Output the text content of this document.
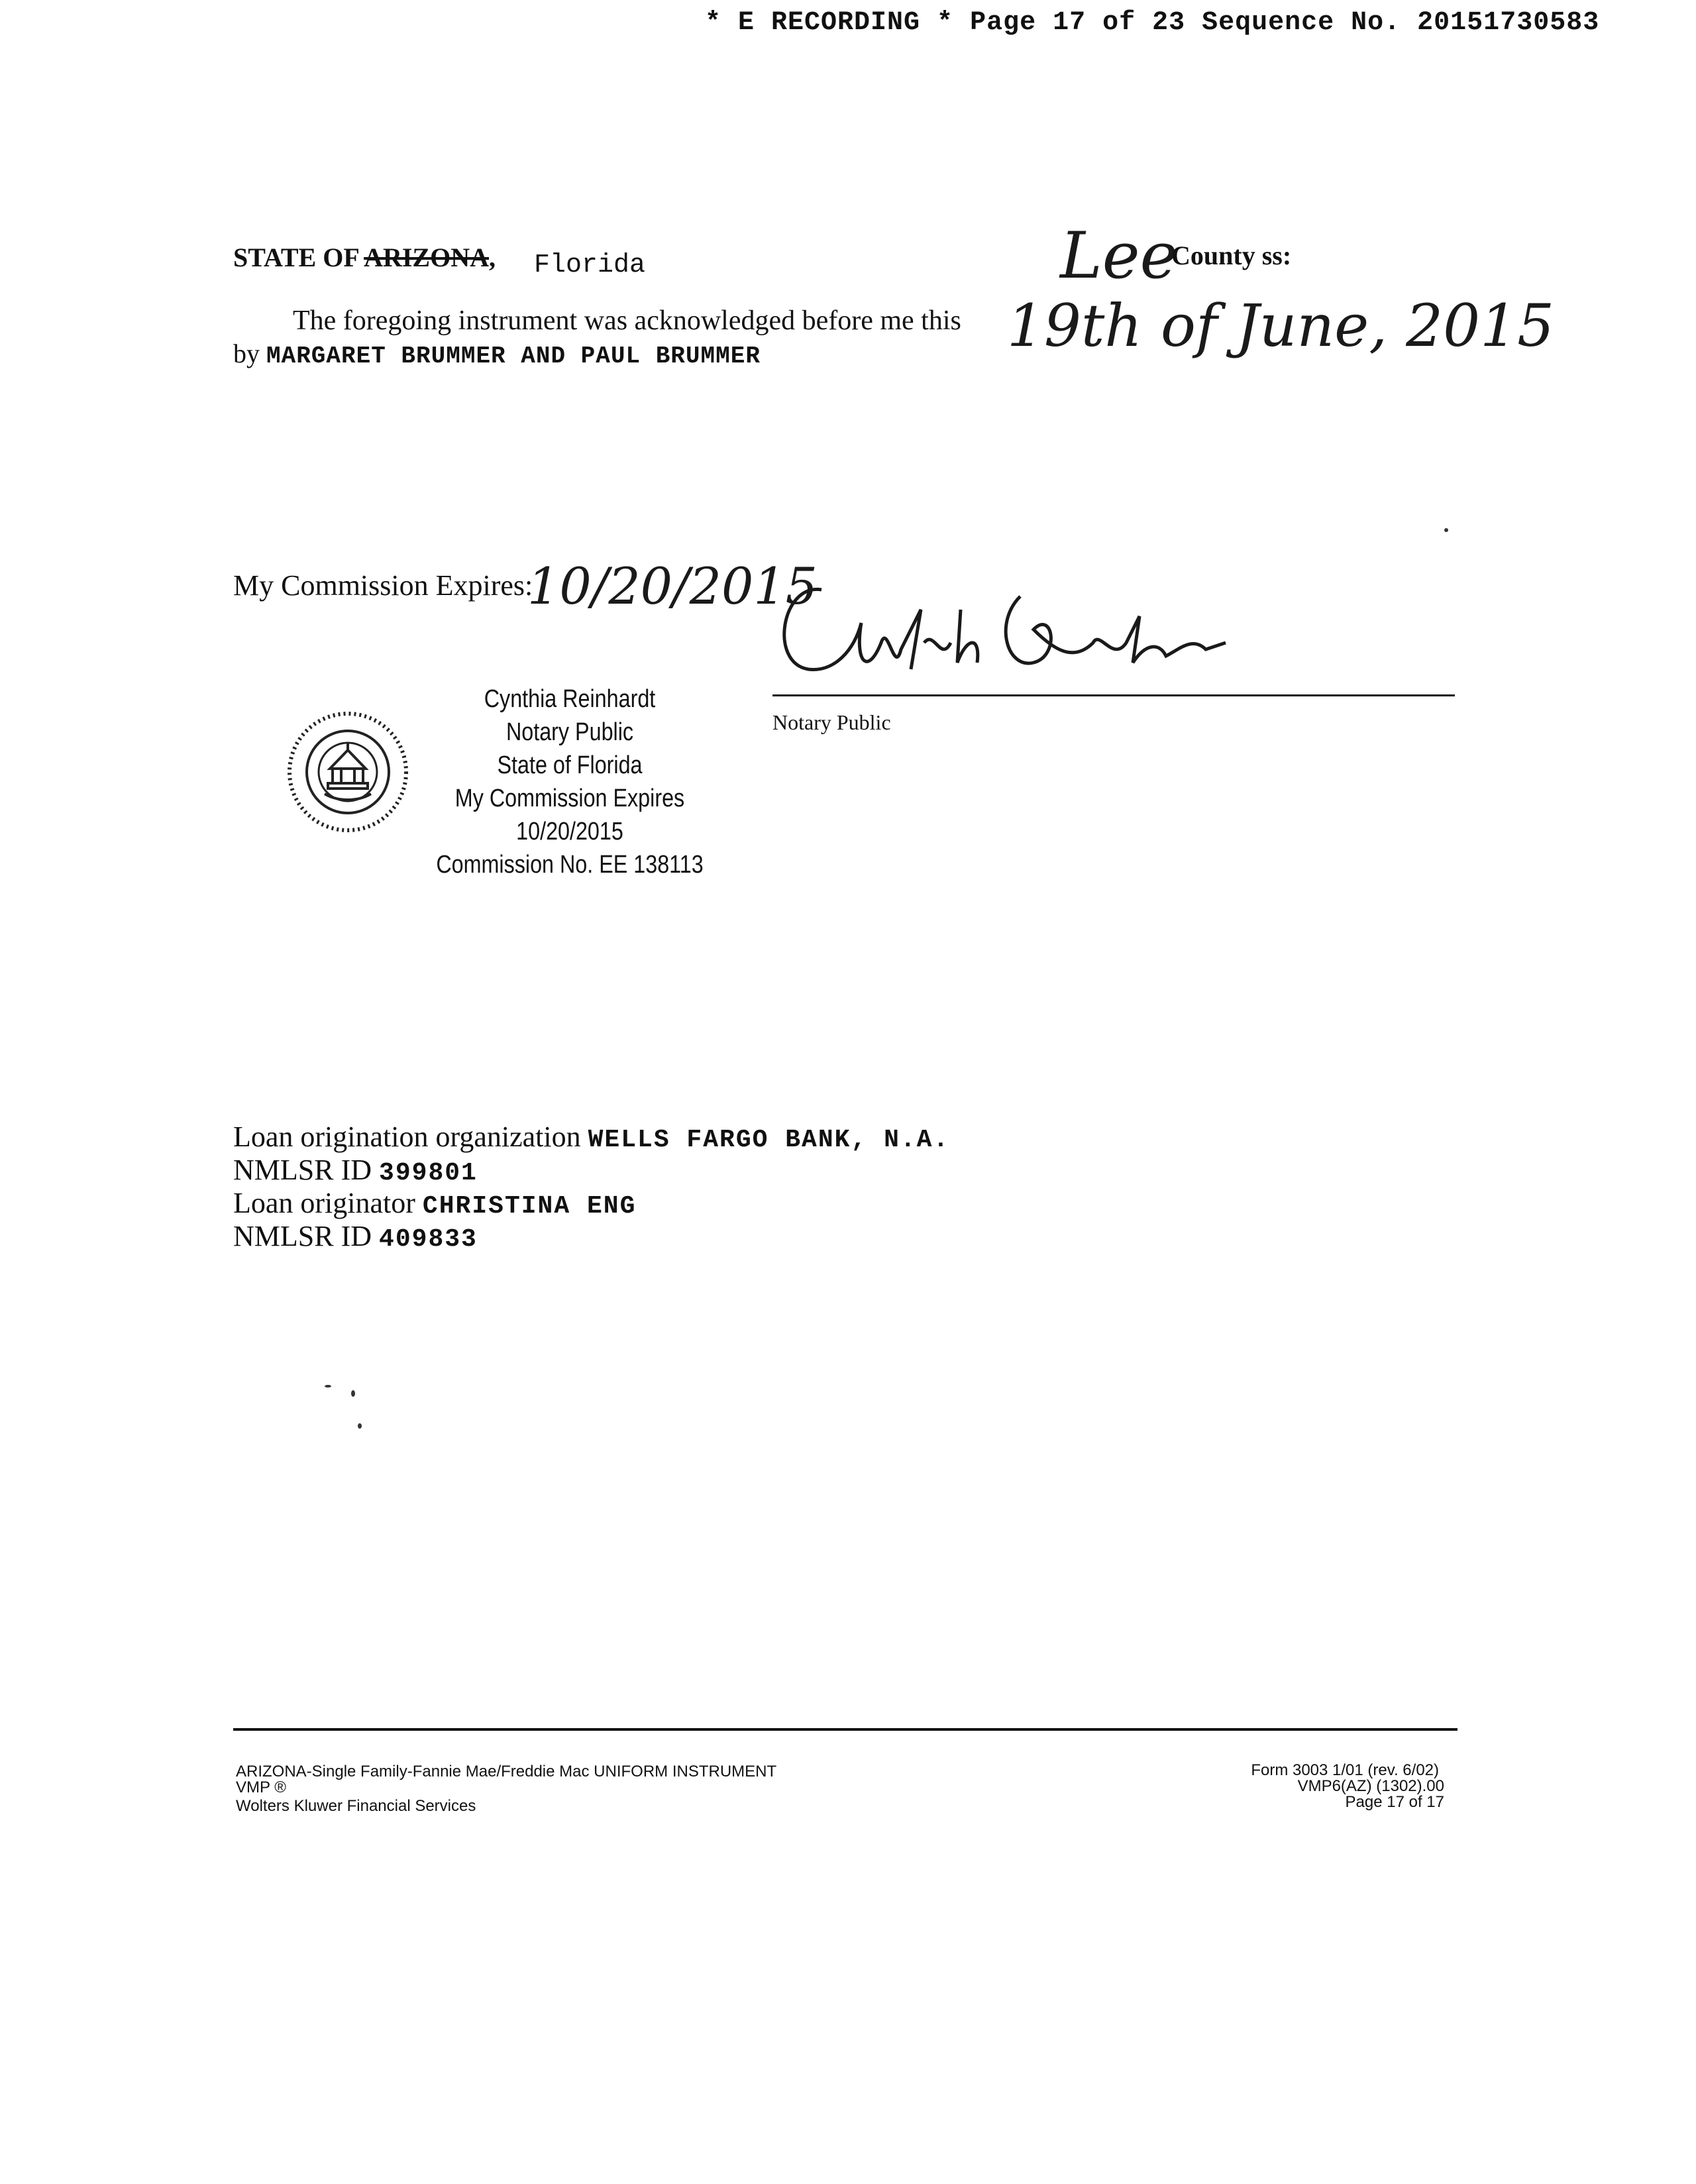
* E RECORDING * Page 17 of 23 Sequence No. 20151730583
STATE OF ARIZONA, Florida	Lee
County ss:
The foregoing instrument was acknowledged before me this 19th of June, 2015
by MARGARET BRUMMER AND PAUL BRUMMER
My Commission Expires:
10/20/2015
Notary Public
Cynthia Reinhardt
Notary Public
State of Florida
My Commission Expires 10/20/2015
Commission No. EE 138113
Loan origination organization WELLS FARGO BANK, N.A.
NMLSR ID 399801
Loan originator CHRISTINA ENG
NMLSR ID 409833
ARIZONA-Single Family-Fannie Mae/Freddie Mac UNIFORM INSTRUMENT
VMP ®
Wolters Kluwer Financial Services
Form 3003 1/01 (rev. 6/02)
VMP6(AZ) (1302).00
Page 17 of 17
